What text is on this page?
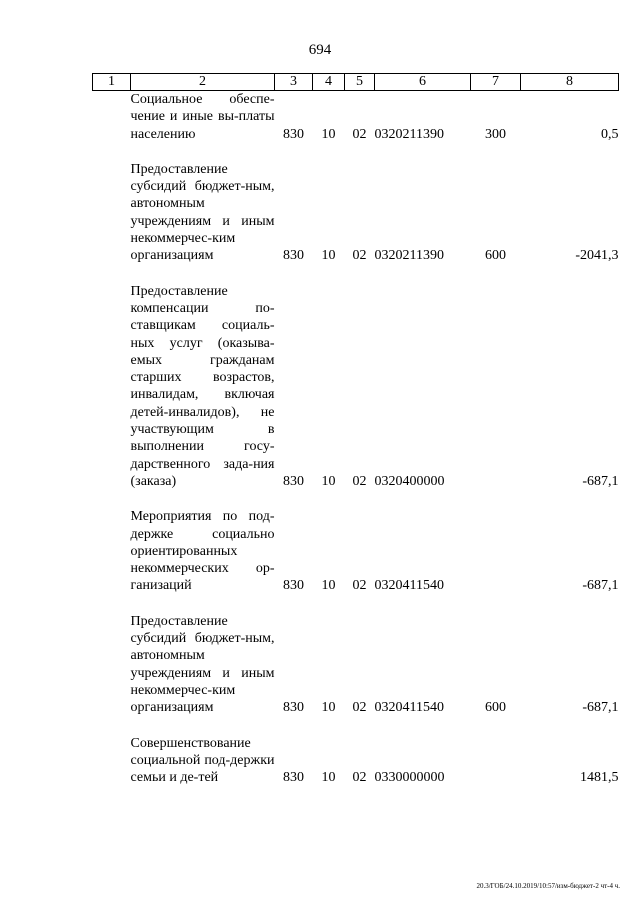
694
1	2	3	4	5	6	7	8
	Социальное обеспе-чение и иные вы-платы населению	830	10	02	0320211390	300	0,5

	Предоставление субсидий бюджет-ным, автономным учреждениям и иным некоммерчес-ким организациям	830	10	02	0320211390	600	-2041,3

	Предоставление компенсации по-ставщикам социаль-ных услуг (оказыва-емых гражданам старших возрастов, инвалидам, включая детей-инвалидов), не участвующим в выполнении госу-дарственного зада-ния (заказа)	830	10	02	0320400000		-687,1

	Мероприятия по под-держке социально ориентированных некоммерческих ор-ганизаций	830	10	02	0320411540		-687,1

	Предоставление субсидий бюджет-ным, автономным учреждениям и иным некоммерчес-ким организациям	830	10	02	0320411540	600	-687,1

	Совершенствование социальной под-держки семьи и де-тей	830	10	02	0330000000		1481,5
20.3/ГОБ/24.10.2019/10:57/изм-бюджет-2 чт-4 ч.
